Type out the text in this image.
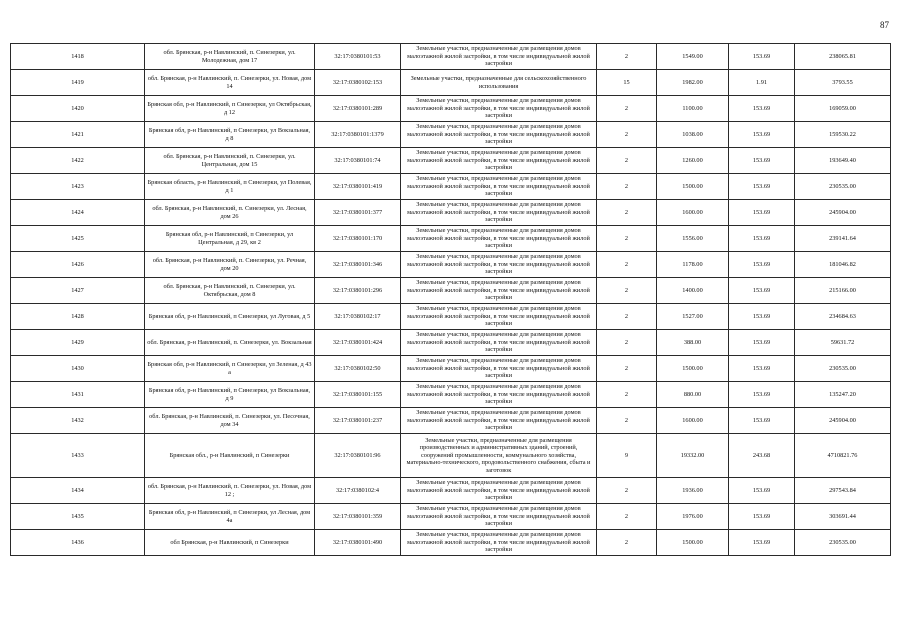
87
1418	обл. Брянская, р-н Навлинский, п. Синезерки, ул. Молодежная, дом 17	32:17:0380101:53	Земельные участки, предназначенные для размещения домов малоэтажной жилой застройки, в том числе индивидуальной жилой застройки	2	1549.00	153.69	238065.81
1419	обл. Брянская, р-н Навлинский, п. Синезерки, ул. Новая, дом 14	32:17:0380102:153	Земельные участки, предназначенные для сельскохозяйственного использования	15	1982.00	1.91	3793.55
1420	Брянская обл, р-н Навлинский, п Синезерки, ул Октябрьская, д 12	32:17:0380101:289	Земельные участки, предназначенные для размещения домов малоэтажной жилой застройки, в том числе индивидуальной жилой застройки	2	1100.00	153.69	169059.00
1421	Брянская обл, р-н Навлинский, п Синезерки, ул Вокзальная, д 8	32:17:0380101:1379	Земельные участки, предназначенные для размещения домов малоэтажной жилой застройки, в том числе индивидуальной жилой застройки	2	1038.00	153.69	159530.22
1422	обл. Брянская, р-н Навлинский, п. Синезерки, ул. Центральная, дом 15	32:17:0380101:74	Земельные участки, предназначенные для размещения домов малоэтажной жилой застройки, в том числе индивидуальной жилой застройки	2	1260.00	153.69	193649.40
1423	Брянская область, р-н Навлинский, п Синезерки, ул Полевая, д 1	32:17:0380101:419	Земельные участки, предназначенные для размещения домов малоэтажной жилой застройки, в том числе индивидуальной жилой застройки	2	1500.00	153.69	230535.00
1424	обл. Брянская, р-н Навлинский, п. Синезерки, ул. Лесная, дом 26	32:17:0380101:377	Земельные участки, предназначенные для размещения домов малоэтажной жилой застройки, в том числе индивидуальной жилой застройки	2	1600.00	153.69	245904.00
1425	Брянская обл, р-н Навлинский, п Синезерки, ул Центральная, д 29, кв 2	32:17:0380101:170	Земельные участки, предназначенные для размещения домов малоэтажной жилой застройки, в том числе индивидуальной жилой застройки	2	1556.00	153.69	239141.64
1426	обл. Брянская, р-н Навлинский, п. Синезерки, ул. Речная, дом 20	32:17:0380101:346	Земельные участки, предназначенные для размещения домов малоэтажной жилой застройки, в том числе индивидуальной жилой застройки	2	1178.00	153.69	181046.82
1427	обл. Брянская, р-н Навлинский, п. Синезерки, ул. Октябрьская, дом 8	32:17:0380101:296	Земельные участки, предназначенные для размещения домов малоэтажной жилой застройки, в том числе индивидуальной жилой застройки	2	1400.00	153.69	215166.00
1428	Брянская обл, р-н Навлинский, п Синезерки, ул Луговая, д 5	32:17:0380102:17	Земельные участки, предназначенные для размещения домов малоэтажной жилой застройки, в том числе индивидуальной жилой застройки	2	1527.00	153.69	234684.63
1429	обл. Брянская, р-н Навлинский, п. Синезерки, ул. Вокзальная	32:17:0380101:424	Земельные участки, предназначенные для размещения домов малоэтажной жилой застройки, в том числе индивидуальной жилой застройки	2	388.00	153.69	59631.72
1430	Брянская обл, р-н Навлинский, п Синезерки, ул Зеленая, д 43 а	32:17:0380102:50	Земельные участки, предназначенные для размещения домов малоэтажной жилой застройки, в том числе индивидуальной жилой застройки	2	1500.00	153.69	230535.00
1431	Брянская обл, р-н Навлинский, п Синезерки, ул Вокзальная, д 9	32:17:0380101:155	Земельные участки, предназначенные для размещения домов малоэтажной жилой застройки, в том числе индивидуальной жилой застройки	2	880.00	153.69	135247.20
1432	обл. Брянская, р-н Навлинский, п. Синезерки, ул. Песочная, дом 34	32:17:0380101:237	Земельные участки, предназначенные для размещения домов малоэтажной жилой застройки, в том числе индивидуальной жилой застройки	2	1600.00	153.69	245904.00
1433	Брянская обл., р-н Навлинский, п Синезерки	32:17:0380101:96	Земельные участки, предназначенные для размещения производственных и административных зданий, строений, сооружений промышленности, коммунального хозяйства, материально-технического, продовольственного снабжения, сбыта и заготовок	9	19332.00	243.68	4710821.76
1434	обл. Брянская, р-н Навлинский, п. Синезерки, ул. Новая, дом 12 ;	32:17:0380102:4	Земельные участки, предназначенные для размещения домов малоэтажной жилой застройки, в том числе индивидуальной жилой застройки	2	1936.00	153.69	297543.84
1435	Брянская обл, р-н Навлинский, п Синезерки, ул Лесная, дом 4а	32:17:0380101:359	Земельные участки, предназначенные для размещения домов малоэтажной жилой застройки, в том числе индивидуальной жилой застройки	2	1976.00	153.69	303691.44
1436	обл Брянская, р-н Навлинский, п Синезерки	32:17:0380101:490	Земельные участки, предназначенные для размещения домов малоэтажной жилой застройки, в том числе индивидуальной жилой застройки	2	1500.00	153.69	230535.00
